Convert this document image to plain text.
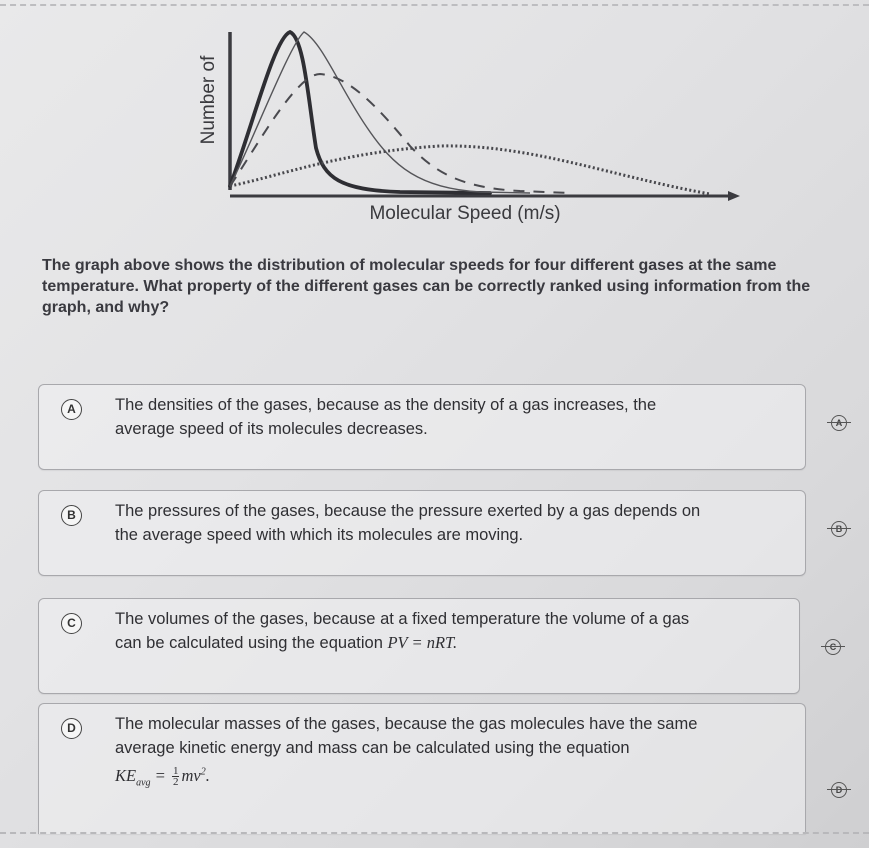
Number of
Molecular Speed (m/s)
The graph above shows the distribution of molecular speeds for four different gases at the same temperature. What property of the different gases can be correctly ranked using information from the graph, and why?
A	The densities of the gases, because as the density of a gas increases, the average speed of its molecules decreases.	A
B	The pressures of the gases, because the pressure exerted by a gas depends on the average speed with which its molecules are moving.	B
C	The volumes of the gases, because at a fixed temperature the volume of a gas can be calculated using the equation PV = nRT.	C
D	The molecular masses of the gases, because the gas molecules have the same average kinetic energy and mass can be calculated using the equation
$KE_{avg} = \frac{1}{2} mv^2$.
D
